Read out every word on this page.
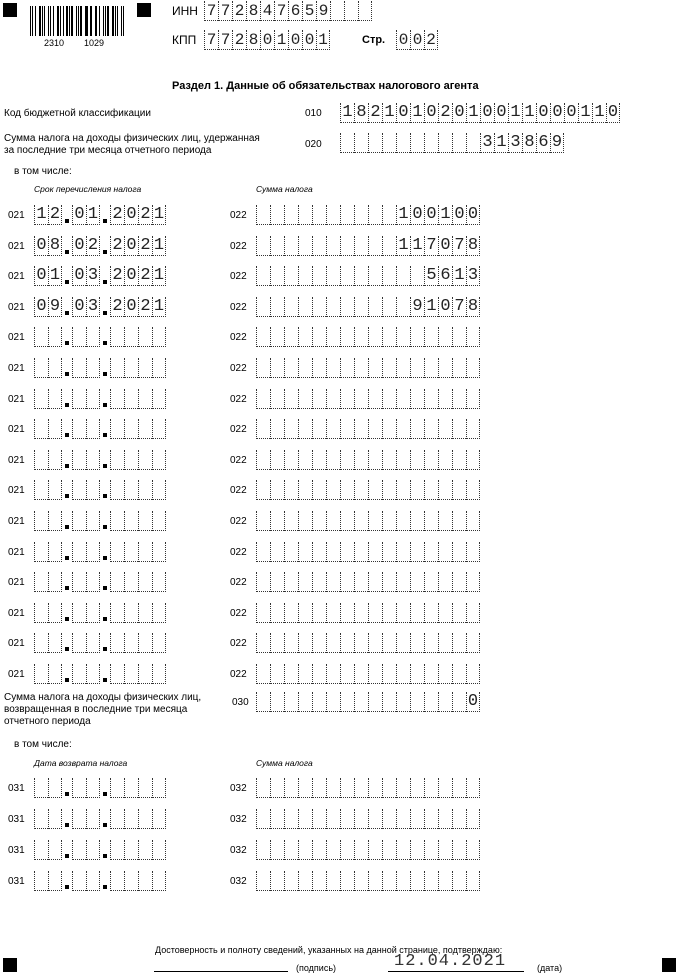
2310 1029
ИНН 7 7 2 8 4 7 6 5 9
КПП 7 7 2 8 0 1 0 0 1	Стр. 0 0 2
Раздел 1. Данные об обязательствах налогового агента
Код бюджетной классификации	010 1 8 2 1 0 1 0 2 0 1 0 0 1 1 0 0 0 1 1 0
Сумма налога на доходы физических лиц, удержанная
за последние три месяца отчетного периода
020	3 1 3 8 6 9
в том числе:
Срок перечисления налога	Сумма налога
021 1 2 0 1 2 0 2 1	022	1 0 0 1 0 0
021 0 8 0 2 2 0 2 1	022	1 1 7 0 7 8
021 0 1 0 3 2 0 2 1	022	5 6 1 3
021 0 9 0 3 2 0 2 1	022	9 1 0 7 8
021	022
021	022
021	022
021	022
021	022
021	022
021	022
021	022
021	022
021	022
021	022
021	022
Сумма налога на доходы физических лиц,
возвращенная в последние три месяца
отчетного периода
030	0
в том числе:
Дата возврата налога	Сумма налога
031	032
031	032
031	032
031	032
Достоверность и полноту сведений, указанных на данной странице, подтверждаю:
(подпись)	12.04.2021	(дата)
